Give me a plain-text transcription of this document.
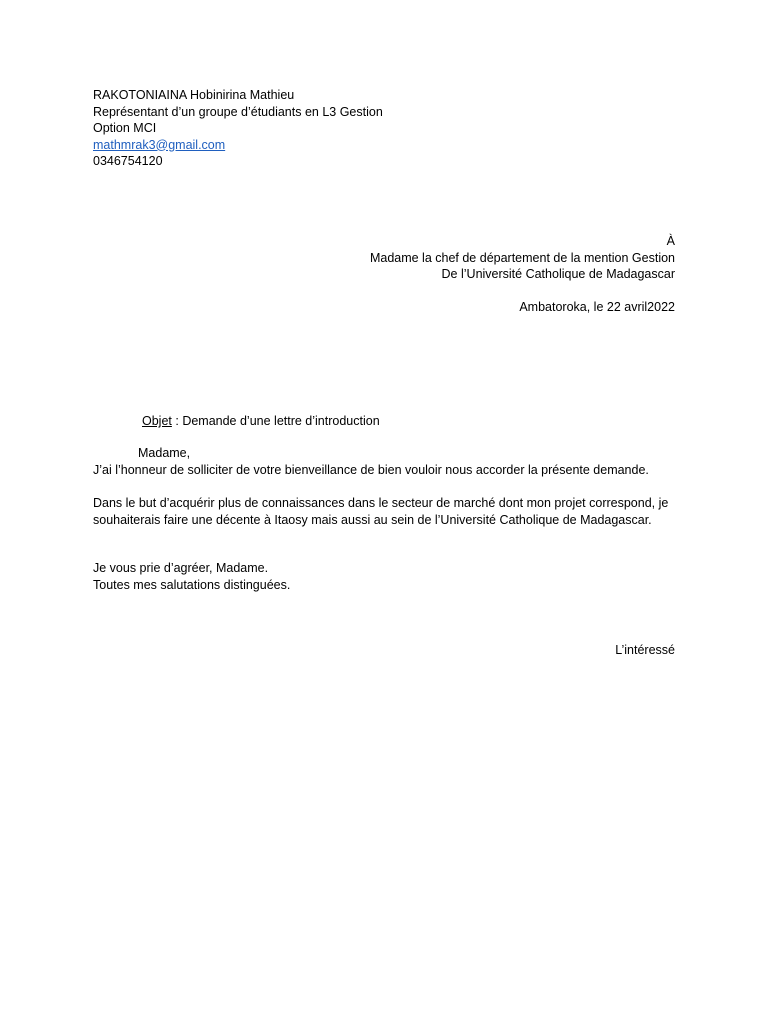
RAKOTONIAINA Hobinirina Mathieu
Représentant d’un groupe d’étudiants en L3 Gestion
Option MCI
mathmrak3@gmail.com
0346754120
À
Madame la chef de département de la mention Gestion
De l’Université Catholique de Madagascar
Ambatoroka, le 22 avril2022
Objet : Demande d’une lettre d’introduction
Madame,
J’ai l’honneur de solliciter de votre bienveillance de bien vouloir nous accorder la présente demande.
Dans le but d’acquérir plus de connaissances dans le secteur de marché dont mon projet correspond, je souhaiterais faire une décente à Itaosy mais aussi au sein de l’Université Catholique de Madagascar.
Je vous prie d’agréer, Madame.
Toutes mes salutations distinguées.
L’intéressé
